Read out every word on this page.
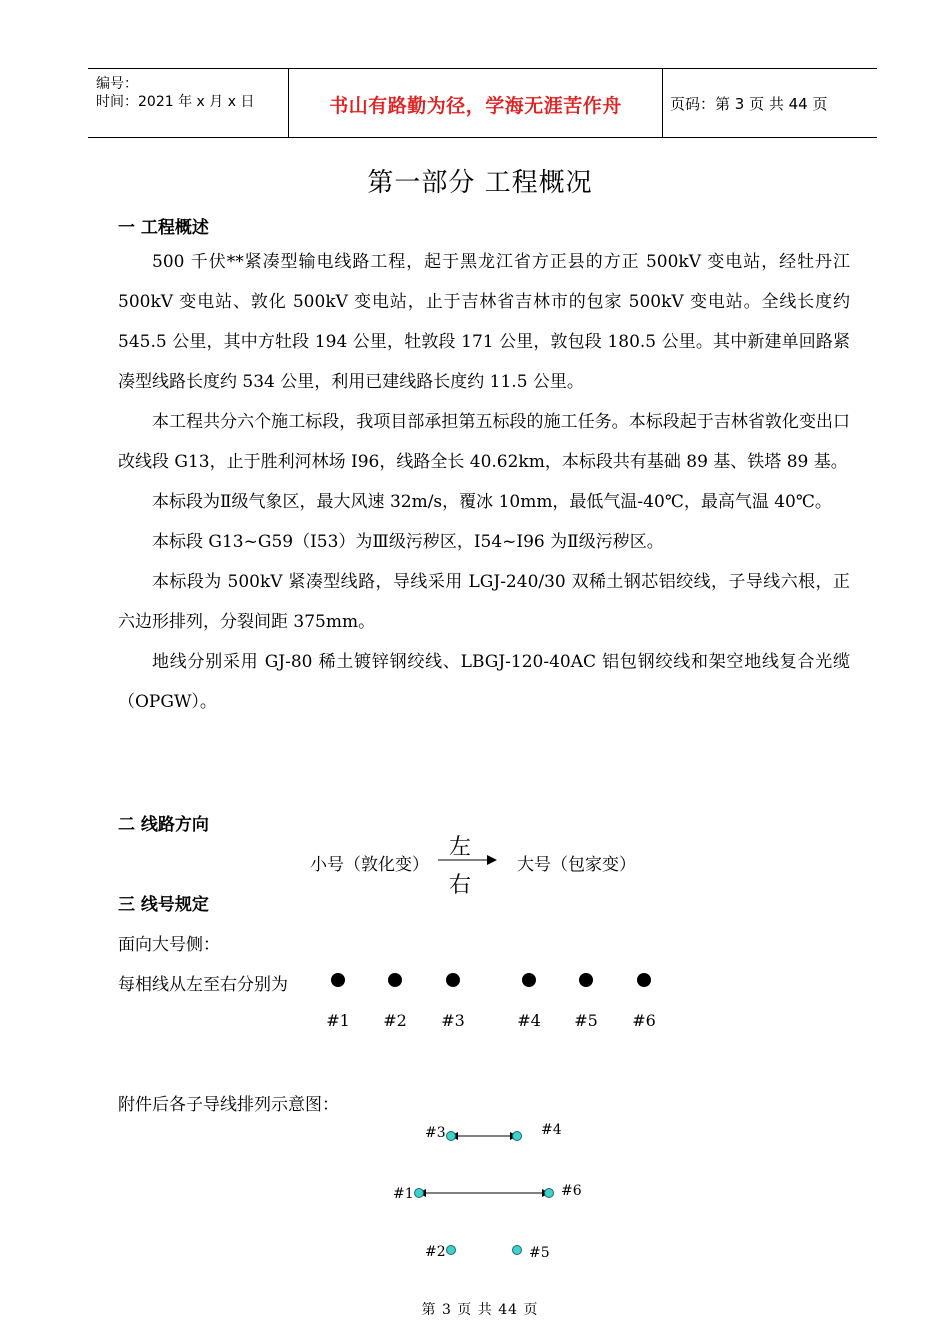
编号：
时间：2021 年 x 月 x 日	书山有路勤为径，学海无涯苦作舟	页码：第 3 页 共 44 页
第一部分 工程概况
一 工程概述

500 千伏**紧凑型输电线路工程，起于黑龙江省方正县的方正 500kV 变电站，经牡丹江 500kV 变电站、敦化 500kV 变电站，止于吉林省吉林市的包家 500kV 变电站。全线长度约 545.5 公里，其中方牡段 194 公里，牡敦段 171 公里，敦包段 180.5 公里。其中新建单回路紧凑型线路长度约 534 公里，利用已建线路长度约 11.5 公里。

本工程共分六个施工标段，我项目部承担第五标段的施工任务。本标段起于吉林省敦化变出口改线段 G13，止于胜利河林场 I96，线路全长 40.62km，本标段共有基础 89 基、铁塔 89 基。

本标段为Ⅱ级气象区，最大风速 32m/s，覆冰 10mm，最低气温-40℃，最高气温 40℃。

本标段 G13~G59（I53）为Ⅲ级污秽区，I54~I96 为Ⅱ级污秽区。

本标段为 500kV 紧凑型线路，导线采用 LGJ-240/30 双稀土钢芯铝绞线，子导线六根，正六边形排列，分裂间距 375mm。

地线分别采用 GJ-80 稀土镀锌钢绞线、LBGJ-120-40AC 铝包钢绞线和架空地线复合光缆（OPGW）。

二 线路方向
小号（敦化变）
左
右
大号（包家变）
三 线号规定
面向大号侧：
每相线从左至右分别为
#1	#2	#3	#4	#5	#6
附件后各子导线排列示意图：
#3	#4
#1	#6
#2	#5
第 3 页 共 44 页
